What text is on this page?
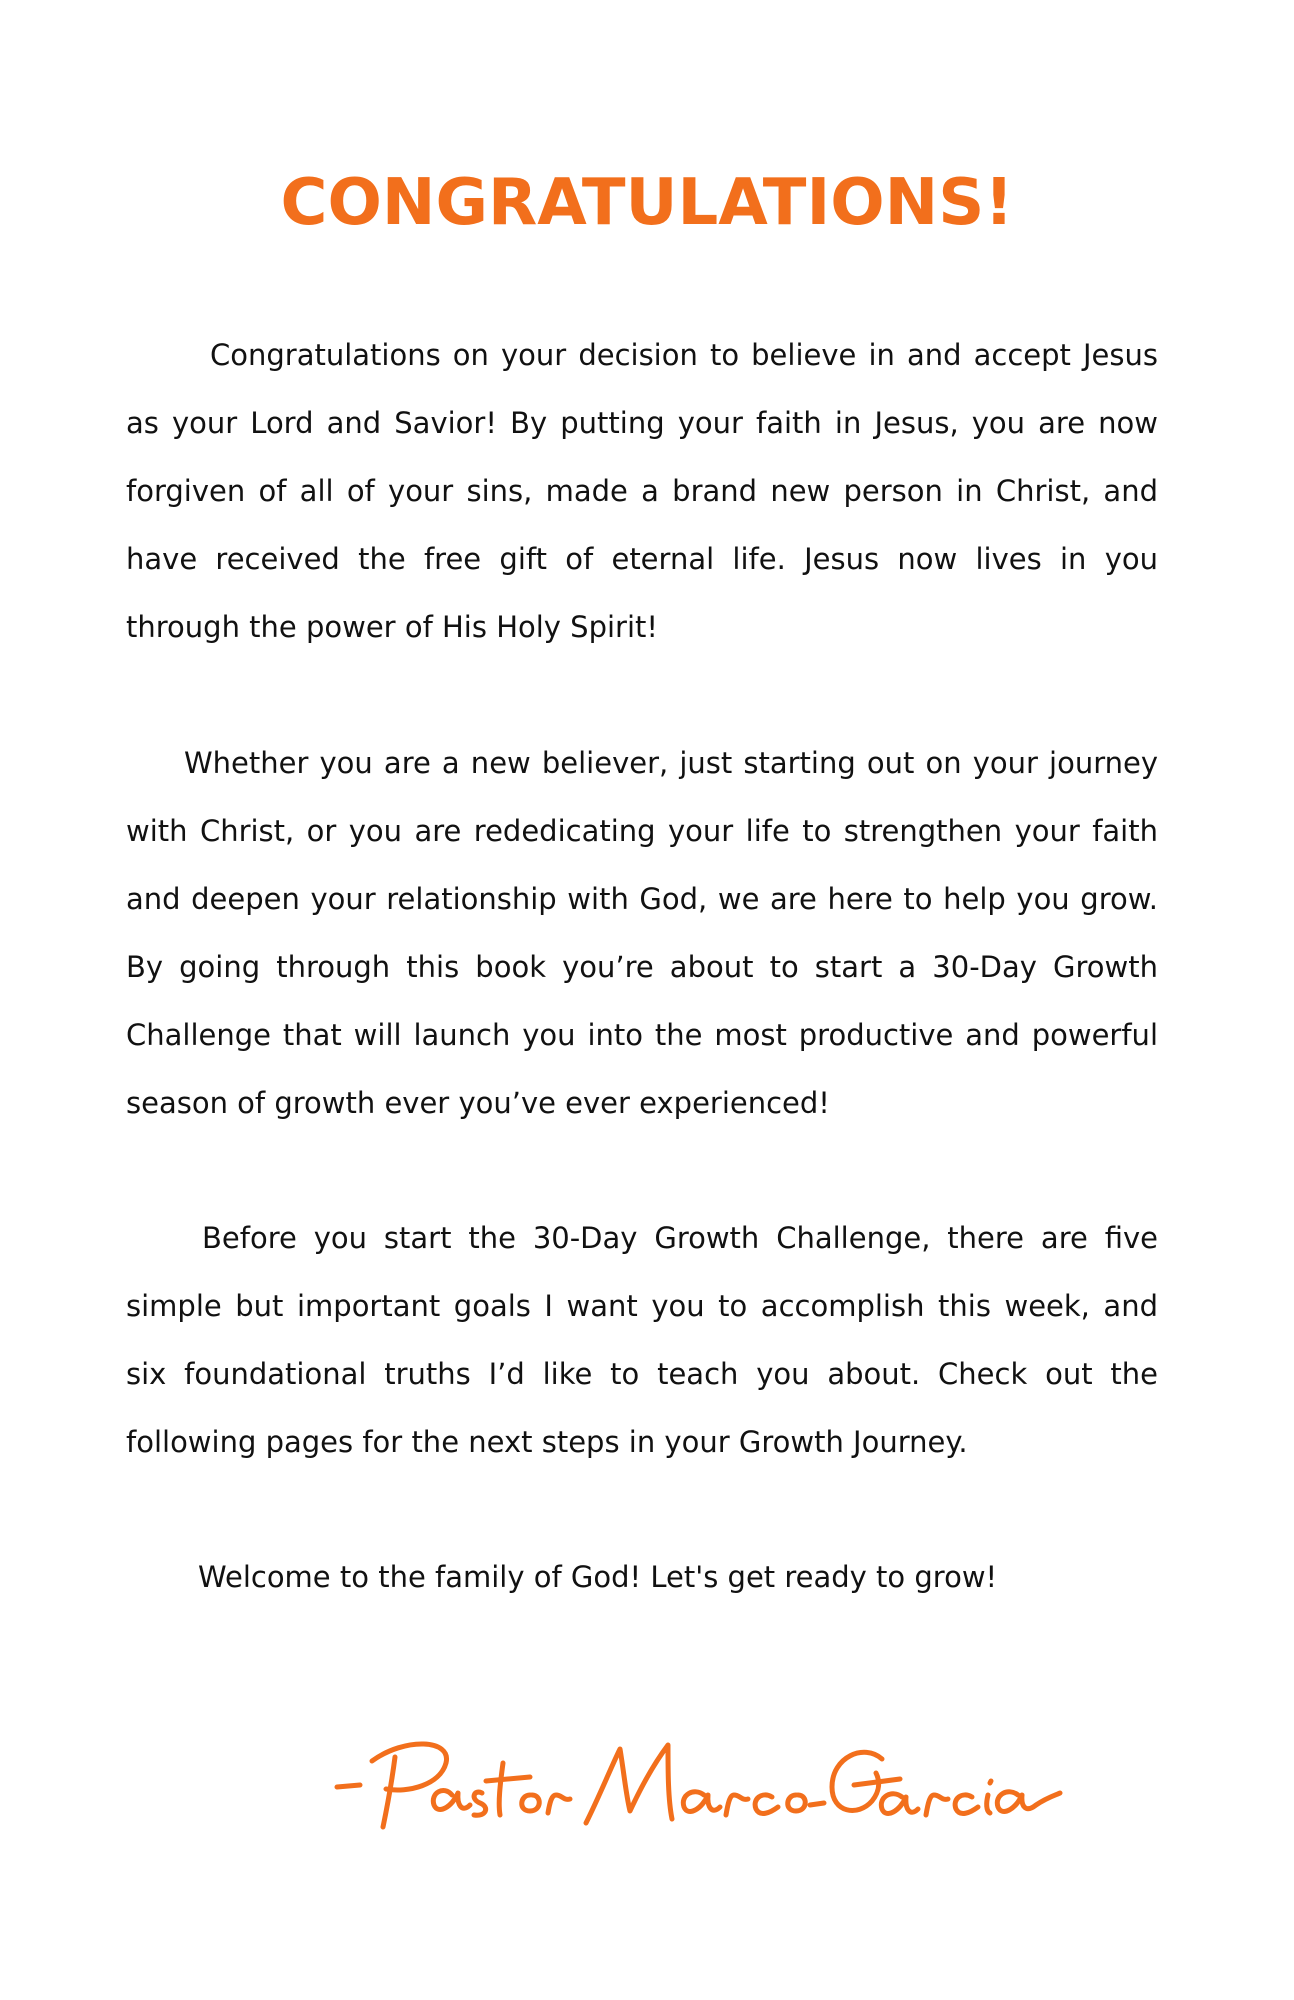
CONGRATULATIONS!

Congratulations on your decision to believe in and accept Jesus as your Lord and Savior! By putting your faith in Jesus, you are now forgiven of all of your sins, made a brand new person in Christ, and have received the free gift of eternal life. Jesus now lives in you through the power of His Holy Spirit!

Whether you are a new believer, just starting out on your journey with Christ, or you are rededicating your life to strengthen your faith and deepen your relationship with God, we are here to help you grow. By going through this book you’re about to start a 30-Day Growth Challenge that will launch you into the most productive and powerful season of growth ever you’ve ever experienced!

Before you start the 30-Day Growth Challenge, there are five simple but important goals I want you to accomplish this week, and six foundational truths I’d like to teach you about. Check out the following pages for the next steps in your Growth Journey.

Welcome to the family of God! Let's get ready to grow!
